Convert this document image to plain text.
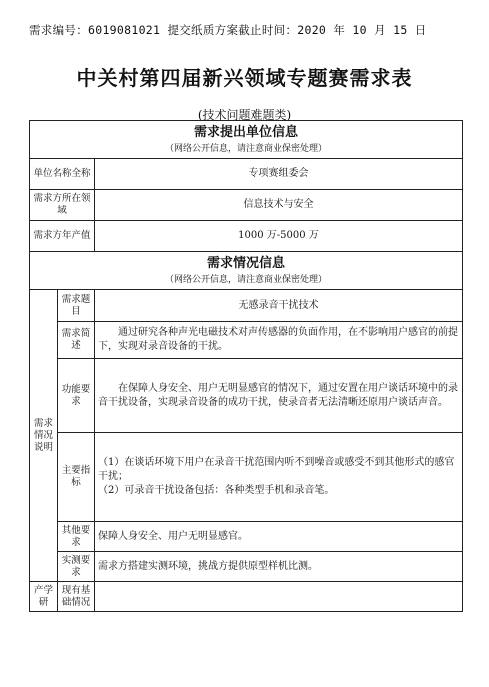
需求编号：6019081021 提交纸质方案截止时间：2020 年 10 月 15 日
中关村第四届新兴领域专题赛需求表
(技术问题难题类)
需求提出单位信息		
（网络公开信息，请注意商业保密处理）		
单位名称全称		专项赛组委会
需求方所在领域		信息技术与安全
需求方年产值		1000 万-5000 万
需求情况信息		
（网络公开信息，请注意商业保密处理）		
需求情况说明	需求题目	无感录音干扰技术
	需求简述	通过研究各种声光电磁技术对声传感器的负面作用，在不影响用户感官的前提下，实现对录音设备的干扰。
	功能要求	在保障人身安全、用户无明显感官的情况下，通过安置在用户谈话环境中的录音干扰设备，实现录音设备的成功干扰，使录音者无法清晰还原用户谈话声音。
	主要指标	（1）在谈话环境下用户在录音干扰范围内听不到噪音或感受不到其他形式的感官干扰；
（2）可录音干扰设备包括：各种类型手机和录音笔。

	其他要求	保障人身安全、用户无明显感官。
	实测要求	需求方搭建实测环境，挑战方提供原型样机比测。
产学研	现有基础情况	
